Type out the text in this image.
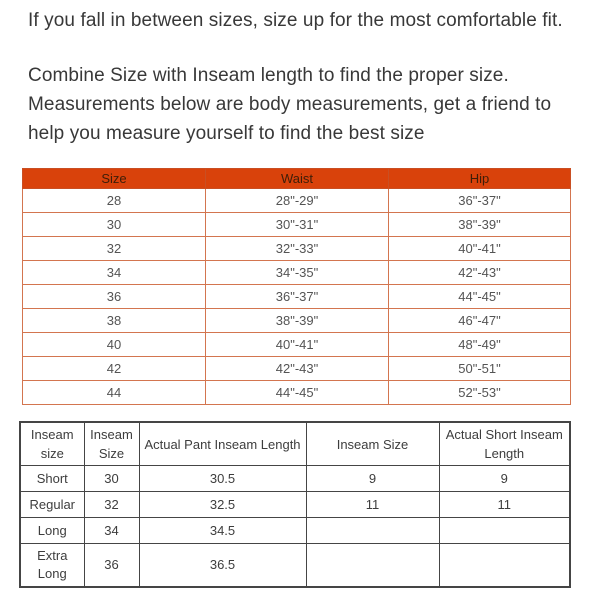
If you fall in between sizes, size up for the most comfortable fit.

Combine Size with Inseam length to find the proper size. Measurements below are body measurements, get a friend to help you measure yourself to find the best size

Size	Waist	Hip
28	28"-29"	36"-37"
30	30"-31"	38"-39"
32	32"-33"	40"-41"
34	34"-35"	42"-43"
36	36"-37"	44"-45"
38	38"-39"	46"-47"
40	40"-41"	48"-49"
42	42"-43"	50"-51"
44	44"-45"	52"-53"
Inseam size	Inseam Size	Actual Pant Inseam Length	Inseam Size	Actual Short Inseam Length
Short	30	30.5	9	9
Regular	32	32.5	11	11
Long	34	34.5		
Extra Long	36	36.5		
